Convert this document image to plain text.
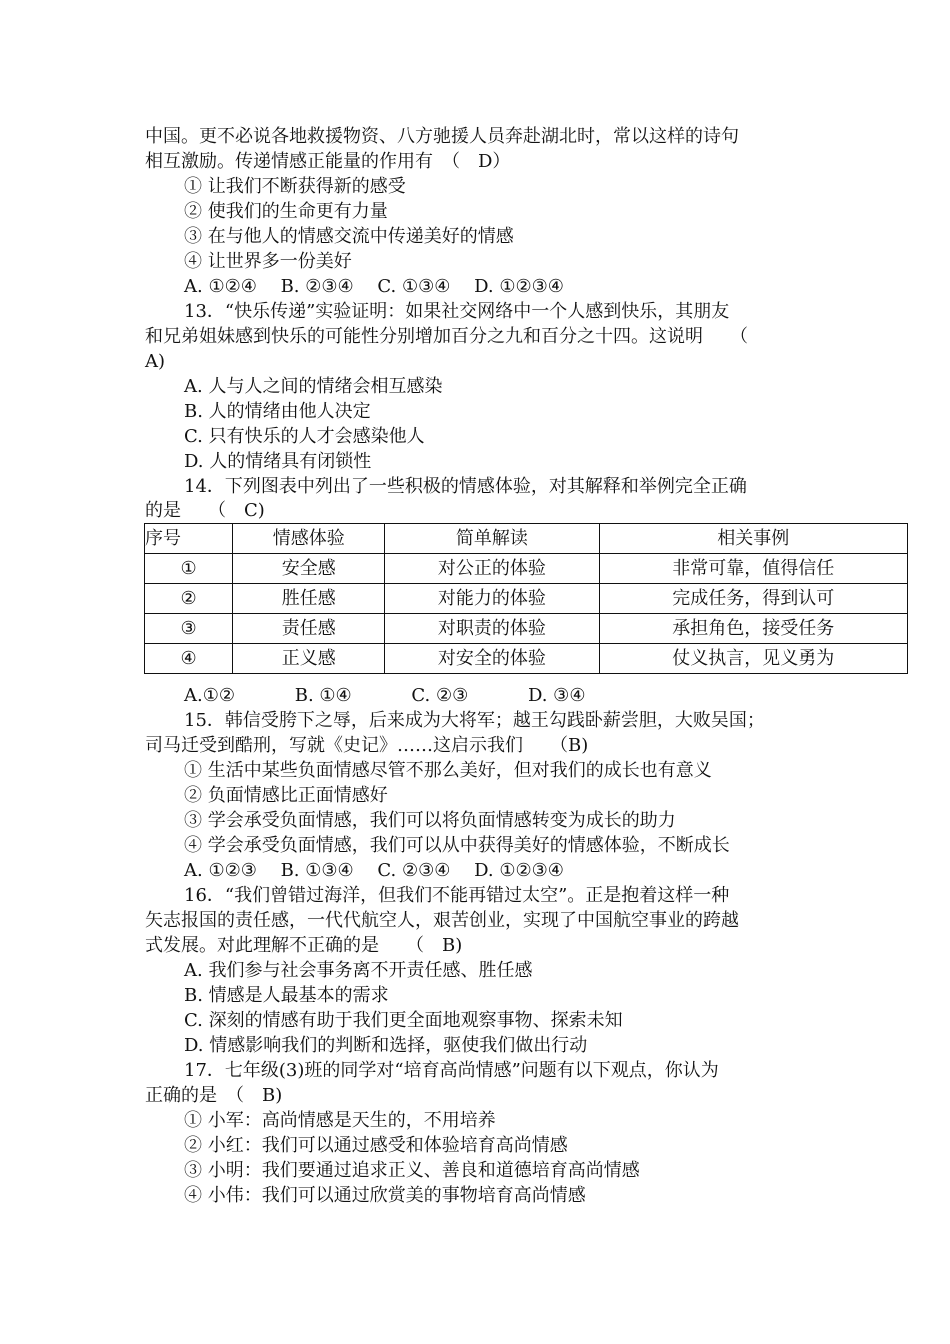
中国。更不必说各地救援物资、八方驰援人员奔赴湖北时，常以这样的诗句
相互激励。传递情感正能量的作用有　（　D）
① 让我们不断获得新的感受
② 使我们的生命更有力量
③ 在与他人的情感交流中传递美好的情感
④ 让世界多一份美好
A. ①②④　 B. ②③④　 C. ①③④　 D. ①②③④
13．“快乐传递”实验证明：如果社交网络中一个人感到快乐，其朋友
和兄弟姐妹感到快乐的可能性分别增加百分之九和百分之十四。这说明　　（
A)
A. 人与人之间的情绪会相互感染
B. 人的情绪由他人决定
C. 只有快乐的人才会感染他人
D. 人的情绪具有闭锁性
14．下列图表中列出了一些积极的情感体验，对其解释和举例完全正确
的是　　（　C)
序号	情感体验	简单解读	相关事例
①	安全感	对公正的体验	非常可靠，值得信任
②	胜任感	对能力的体验	完成任务，得到认可
③	责任感	对职责的体验	承担角色，接受任务
④	正义感	对安全的体验	仗义执言，见义勇为
A.①②　　　 B. ①④　　　 C. ②③　　　 D. ③④
15．韩信受胯下之辱，后来成为大将军；越王勾践卧薪尝胆，大败吴国；
司马迁受到酷刑，写就《史记》……这启示我们　　（B)
① 生活中某些负面情感尽管不那么美好，但对我们的成长也有意义
② 负面情感比正面情感好
③ 学会承受负面情感，我们可以将负面情感转变为成长的助力
④ 学会承受负面情感，我们可以从中获得美好的情感体验，不断成长
A. ①②③　 B. ①③④　 C. ②③④　 D. ①②③④
16．“我们曾错过海洋，但我们不能再错过太空”。正是抱着这样一种
矢志报国的责任感，一代代航空人，艰苦创业，实现了中国航空事业的跨越
式发展。对此理解不正确的是　　（　B)
A. 我们参与社会事务离不开责任感、胜任感
B. 情感是人最基本的需求
C. 深刻的情感有助于我们更全面地观察事物、探索未知
D. 情感影响我们的判断和选择，驱使我们做出行动
17．七年级(3)班的同学对“培育高尚情感”问题有以下观点，你认为
正确的是　（　B)
① 小军：高尚情感是天生的，不用培养
② 小红：我们可以通过感受和体验培育高尚情感
③ 小明：我们要通过追求正义、善良和道德培育高尚情感
④ 小伟：我们可以通过欣赏美的事物培育高尚情感
